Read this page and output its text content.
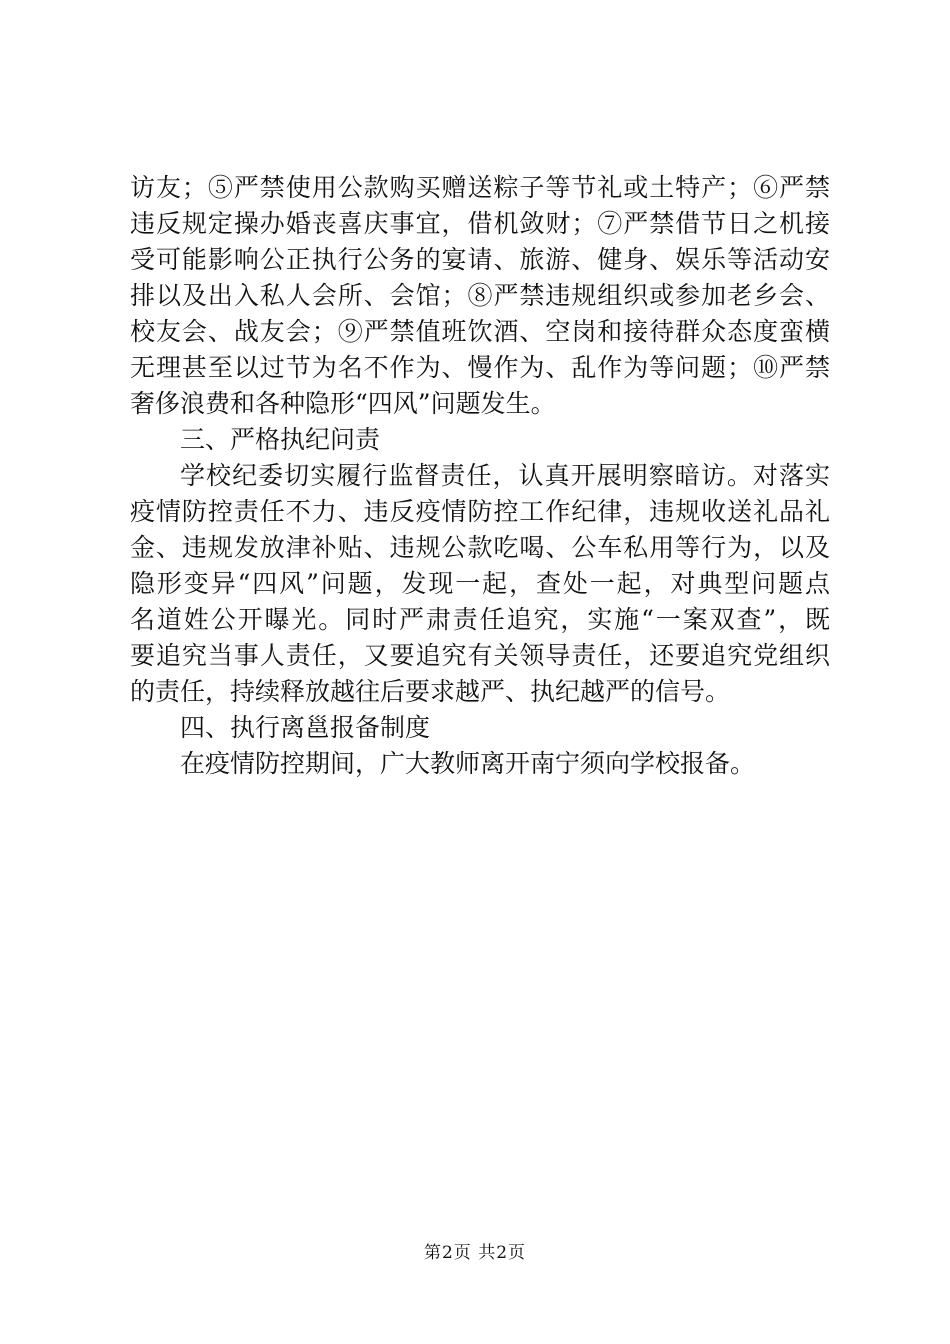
访友；⑤严禁使用公款购买赠送粽子等节礼或土特产；⑥严禁
违反规定操办婚丧喜庆事宜，借机敛财；⑦严禁借节日之机接
受可能影响公正执行公务的宴请、旅游、健身、娱乐等活动安
排以及出入私人会所、会馆；⑧严禁违规组织或参加老乡会、
校友会、战友会；⑨严禁值班饮酒、空岗和接待群众态度蛮横
无理甚至以过节为名不作为、慢作为、乱作为等问题；⑩严禁
奢侈浪费和各种隐形“四风”问题发生。
三、严格执纪问责
学校纪委切实履行监督责任，认真开展明察暗访。对落实
疫情防控责任不力、违反疫情防控工作纪律，违规收送礼品礼
金、违规发放津补贴、违规公款吃喝、公车私用等行为，以及
隐形变异“四风”问题，发现一起，查处一起，对典型问题点
名道姓公开曝光。同时严肃责任追究，实施“一案双查”，既
要追究当事人责任，又要追究有关领导责任，还要追究党组织
的责任，持续释放越往后要求越严、执纪越严的信号。
四、执行离邕报备制度
在疫情防控期间，广大教师离开南宁须向学校报备。
第2页 共2页
